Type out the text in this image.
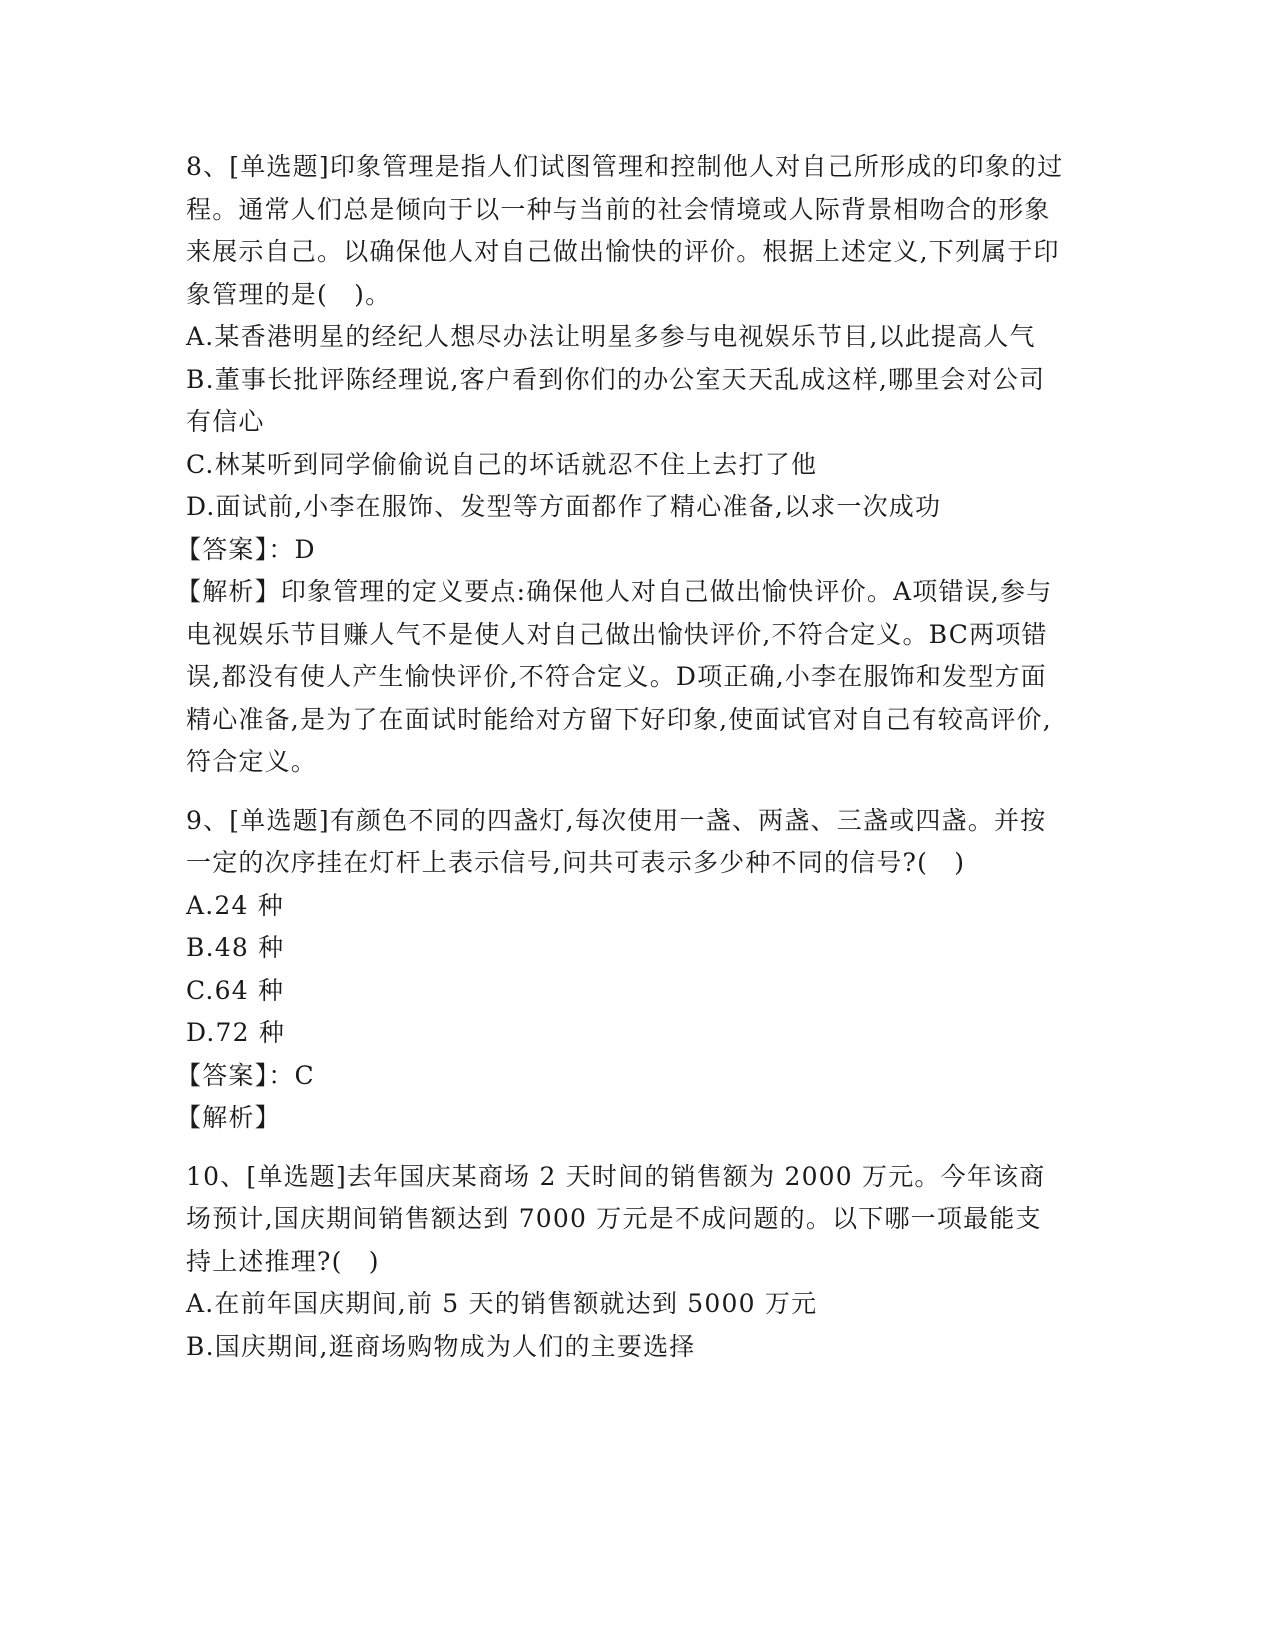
8、[单选题]印象管理是指人们试图管理和控制他人对自己所形成的印象的过程。通常人们总是倾向于以一种与当前的社会情境或人际背景相吻合的形象来展示自己。以确保他人对自己做出愉快的评价。根据上述定义,下列属于印象管理的是(　)。

A.某香港明星的经纪人想尽办法让明星多参与电视娱乐节目,以此提高人气

B.董事长批评陈经理说,客户看到你们的办公室天天乱成这样,哪里会对公司有信心

C.林某听到同学偷偷说自己的坏话就忍不住上去打了他

D.面试前,小李在服饰、发型等方面都作了精心准备,以求一次成功

【答案】：D

【解析】印象管理的定义要点:确保他人对自己做出愉快评价。A项错误,参与电视娱乐节目赚人气不是使人对自己做出愉快评价,不符合定义。BC两项错误,都没有使人产生愉快评价,不符合定义。D项正确,小李在服饰和发型方面精心准备,是为了在面试时能给对方留下好印象,使面试官对自己有较高评价,符合定义。

9、[单选题]有颜色不同的四盏灯,每次使用一盏、两盏、三盏或四盏。并按一定的次序挂在灯杆上表示信号,问共可表示多少种不同的信号?(　)

A.24 种

B.48 种

C.64 种

D.72 种

【答案】：C

【解析】

10、[单选题]去年国庆某商场 2 天时间的销售额为 2000 万元。今年该商场预计,国庆期间销售额达到 7000 万元是不成问题的。以下哪一项最能支持上述推理?(　)

A.在前年国庆期间,前 5 天的销售额就达到 5000 万元

B.国庆期间,逛商场购物成为人们的主要选择
